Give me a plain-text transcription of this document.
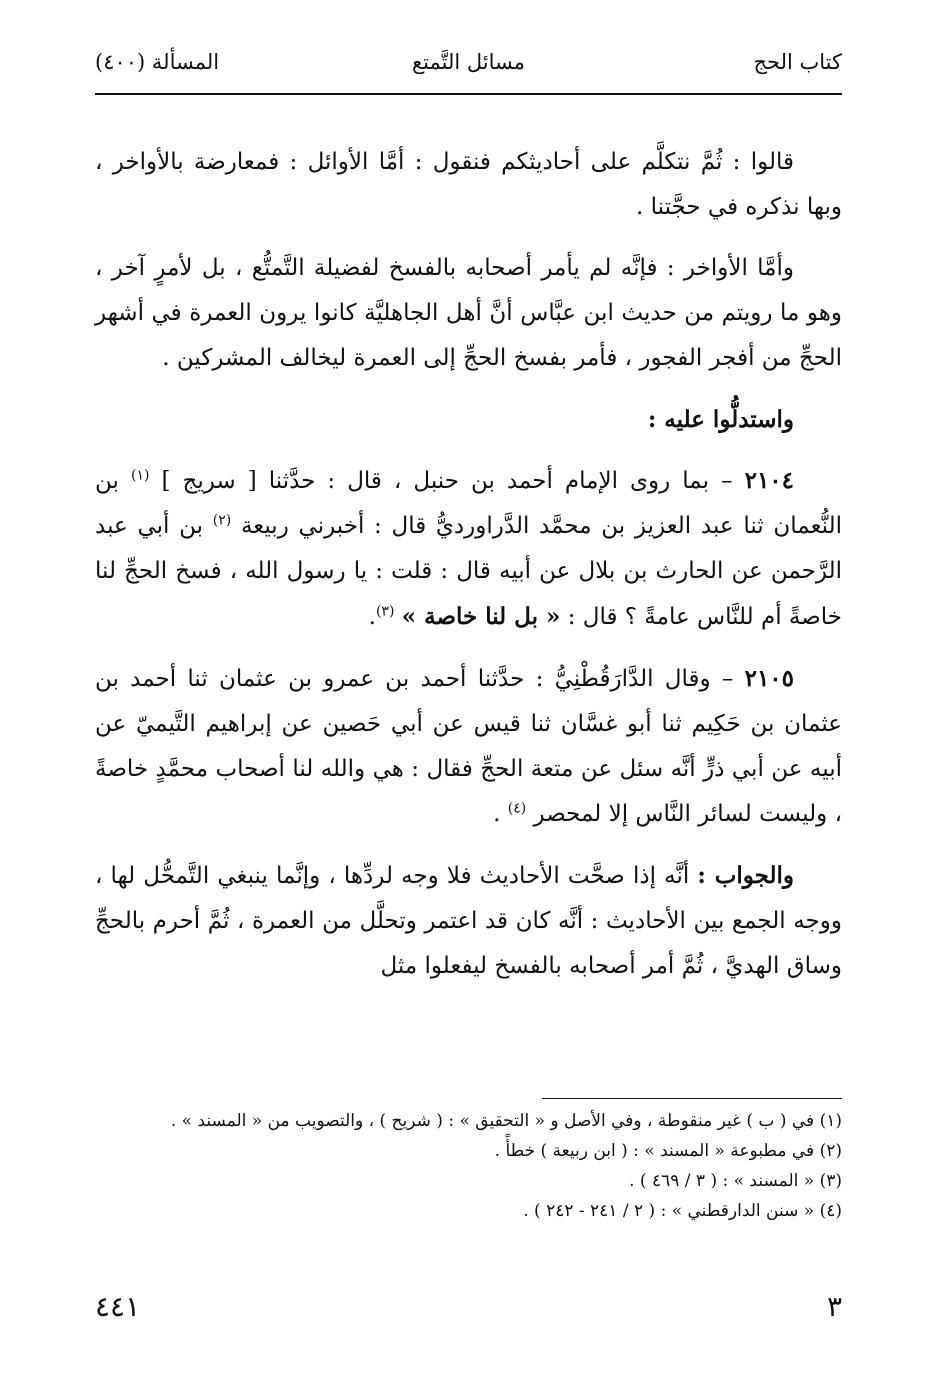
كتاب الحج
مسائل التَّمتع
المسألة (٤٠٠)

قالوا : ثُمَّ نتكلَّم على أحاديثكم فنقول : أمَّا الأوائل : فمعارضة بالأواخر ، وبها نذكره في حجَّتنا .

وأمَّا الأواخر : فإنَّه لم يأمر أصحابه بالفسخ لفضيلة التَّمتُّع ، بل لأمرٍ آخر ، وهو ما رويتم من حديث ابن عبَّاس أنَّ أهل الجاهليَّة كانوا يرون العمرة في أشهر الحجِّ من أفجر الفجور ، فأمر بفسخ الحجِّ إلى العمرة ليخالف المشركين .

واستدلُّوا عليه :

٢١٠٤ – بما روى الإمام أحمد بن حنبل ، قال : حدَّثنا [ سريج ] $^{(١)}$ بن النُّعمان ثنا عبد العزيز بن محمَّد الدَّراورديُّ قال : أخبرني ربيعة $^{(٢)}$ بن أبي عبد الرَّحمن عن الحارث بن بلال عن أبيه قال : قلت : يا رسول الله ، فسخ الحجِّ لنا خاصةً أم للنَّاس عامةً ؟ قال : « بل لنا خاصة » $^{(٣)}$.

٢١٠٥ – وقال الدَّارَقُطْنِيُّ : حدَّثنا أحمد بن عمرو بن عثمان ثنا أحمد بن عثمان بن حَكِيم ثنا أبو غسَّان ثنا قيس عن أبي حَصين عن إبراهيم التَّيميّ عن أبيه عن أبي ذرٍّ أنَّه سئل عن متعة الحجِّ فقال : هي والله لنا أصحاب محمَّدٍ خاصةً ، وليست لسائر النَّاس إلا لمحصر $^{(٤)}$ .

والجواب : أنَّه إذا صحَّت الأحاديث فلا وجه لردِّها ، وإنَّما ينبغي التَّمحُّل لها ، ووجه الجمع بين الأحاديث : أنَّه كان قد اعتمر وتحلَّل من العمرة ، ثُمَّ أحرم بالحجِّ وساق الهديَّ ، ثُمَّ أمر أصحابه بالفسخ ليفعلوا مثل

(١) في ( ب ) غير منقوطة ، وفي الأصل و « التحقيق » : ( شريح ) ، والتصويب من « المسند » .
(٢) في مطبوعة « المسند » : ( ابن ربيعة ) خطأً .
(٣) « المسند » : ( ٣ / ٤٦٩ ) .
(٤) « سنن الدارقطني » : ( ٢ / ٢٤١ - ٢٤٢ ) .
٣
٤٤١
